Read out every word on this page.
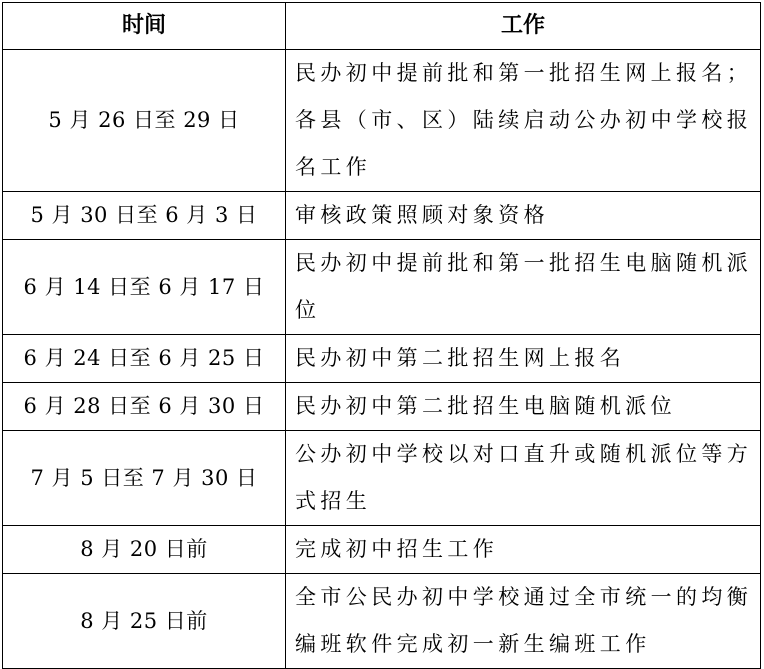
时间	工作
5 月 26 日至 29 日	民办初中提前批和第一批招生网上报名；各县（市、区）陆续启动公办初中学校报名工作
5 月 30 日至 6 月 3 日	审核政策照顾对象资格
6 月 14 日至 6 月 17 日	民办初中提前批和第一批招生电脑随机派位
6 月 24 日至 6 月 25 日	民办初中第二批招生网上报名
6 月 28 日至 6 月 30 日	民办初中第二批招生电脑随机派位
7 月 5 日至 7 月 30 日	公办初中学校以对口直升或随机派位等方式招生
8 月 20 日前	完成初中招生工作
8 月 25 日前	全市公民办初中学校通过全市统一的均衡编班软件完成初一新生编班工作
